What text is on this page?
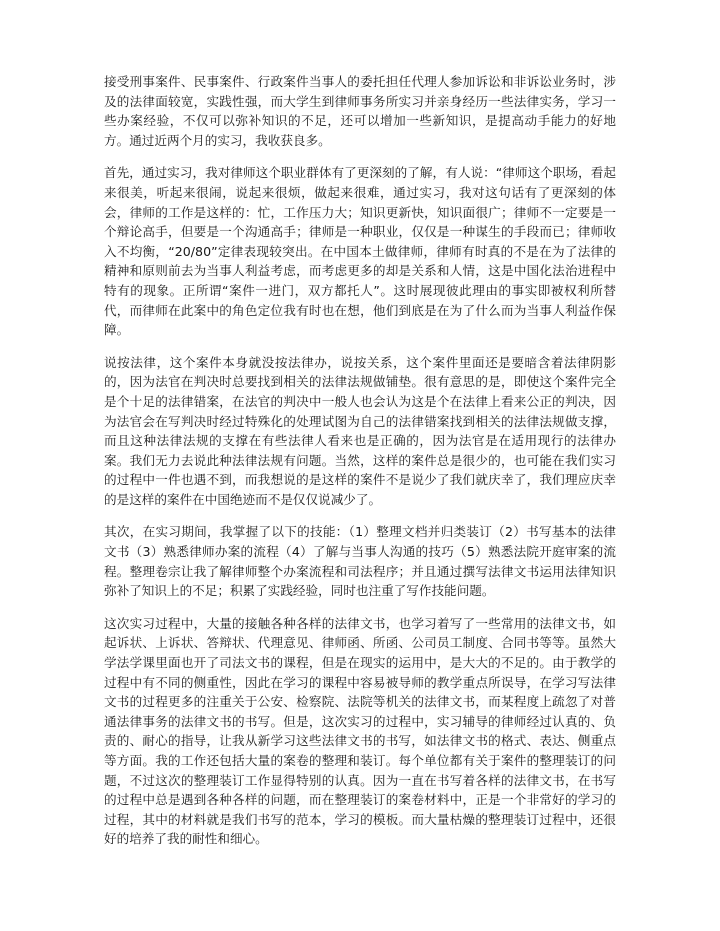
接受刑事案件、民事案件、行政案件当事人的委托担任代理人参加诉讼和非诉讼业务时，涉及的法律面较宽，实践性强，而大学生到律师事务所实习并亲身经历一些法律实务，学习一些办案经验，不仅可以弥补知识的不足，还可以增加一些新知识，是提高动手能力的好地方。通过近两个月的实习，我收获良多。

首先，通过实习，我对律师这个职业群体有了更深刻的了解，有人说：“律师这个职场，看起来很美，听起来很闹，说起来很烦，做起来很难，通过实习，我对这句话有了更深刻的体会，律师的工作是这样的：忙，工作压力大；知识更新快，知识面很广；律师不一定要是一个辩论高手，但要是一个沟通高手；律师是一种职业，仅仅是一种谋生的手段而已；律师收入不均衡，“20/80”定律表现较突出。在中国本土做律师，律师有时真的不是在为了法律的精神和原则前去为当事人利益考虑，而考虑更多的却是关系和人情，这是中国化法治进程中特有的现象。正所谓“案件一进门，双方都托人”。这时展现彼此理由的事实即被权利所替代，而律师在此案中的角色定位我有时也在想，他们到底是在为了什么而为当事人利益作保障。

说按法律，这个案件本身就没按法律办，说按关系，这个案件里面还是要暗含着法律阴影的，因为法官在判决时总要找到相关的法律法规做铺垫。很有意思的是，即使这个案件完全是个十足的法律错案，在法官的判决中一般人也会认为这是个在法律上看来公正的判决，因为法官会在写判决时经过特殊化的处理试图为自己的法律错案找到相关的法律法规做支撑，而且这种法律法规的支撑在有些法律人看来也是正确的，因为法官是在适用现行的法律办案。我们无力去说此种法律法规有问题。当然，这样的案件总是很少的，也可能在我们实习的过程中一件也遇不到，而我想说的是这样的案件不是说少了我们就庆幸了，我们理应庆幸的是这样的案件在中国绝迹而不是仅仅说减少了。

其次，在实习期间，我掌握了以下的技能：（1）整理文档并归类装订（2）书写基本的法律文书（3）熟悉律师办案的流程（4）了解与当事人沟通的技巧（5）熟悉法院开庭审案的流程。整理卷宗让我了解律师整个办案流程和司法程序；并且通过撰写法律文书运用法律知识弥补了知识上的不足；积累了实践经验，同时也注重了写作技能问题。

这次实习过程中，大量的接触各种各样的法律文书，也学习着写了一些常用的法律文书，如起诉状、上诉状、答辩状、代理意见、律师函、所函、公司员工制度、合同书等等。虽然大学法学课里面也开了司法文书的课程，但是在现实的运用中，是大大的不足的。由于教学的过程中有不同的侧重性，因此在学习的课程中容易被导师的教学重点所误导，在学习写法律文书的过程更多的注重关于公安、检察院、法院等机关的法律文书，而某程度上疏忽了对普通法律事务的法律文书的书写。但是，这次实习的过程中，实习辅导的律师经过认真的、负责的、耐心的指导，让我从新学习这些法律文书的书写，如法律文书的格式、表达、侧重点等方面。我的工作还包括大量的案卷的整理和装订。每个单位都有关于案件的整理装订的问题，不过这次的整理装订工作显得特别的认真。因为一直在书写着各样的法律文书，在书写的过程中总是遇到各种各样的问题，而在整理装订的案卷材料中，正是一个非常好的学习的过程，其中的材料就是我们书写的范本，学习的模板。而大量枯燥的整理装订过程中，还很好的培养了我的耐性和细心。
